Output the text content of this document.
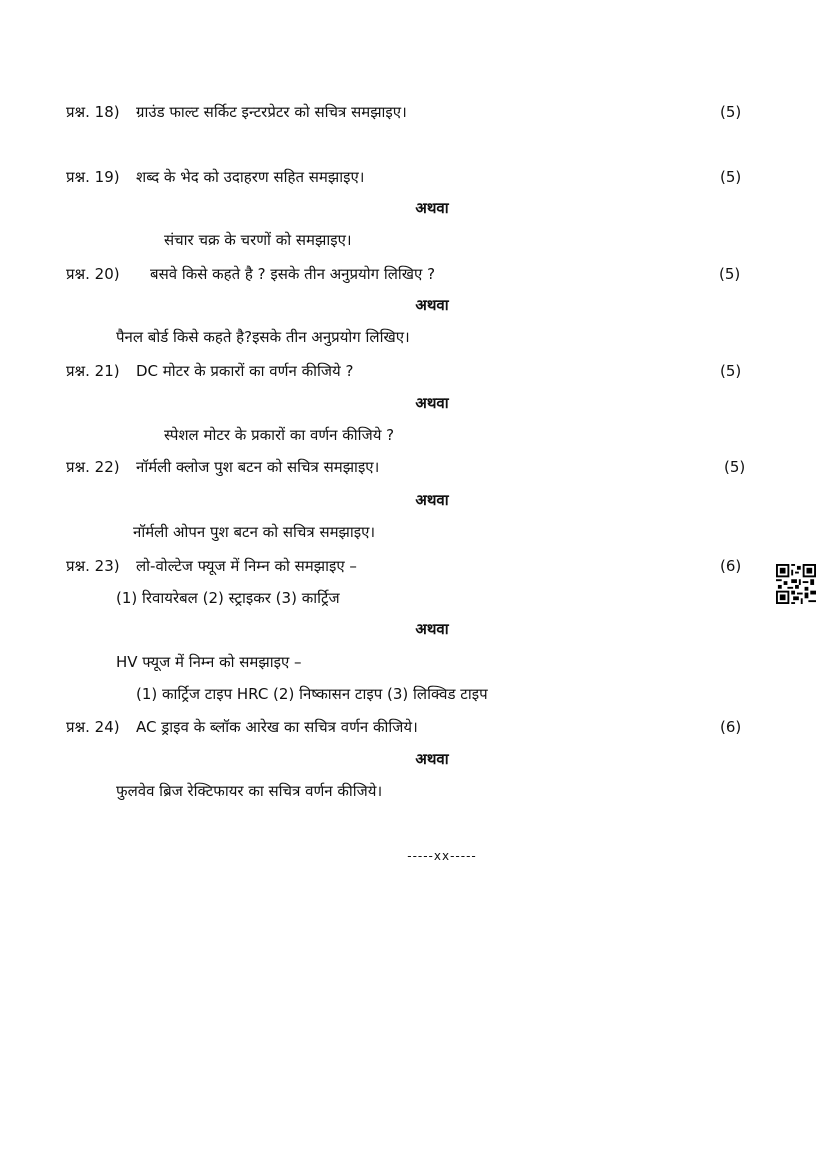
प्रश्न. 18) ग्राउंड फाल्ट सर्किट इन्टरप्रेटर को सचित्र समझाइए।	(5)
प्रश्न. 19) शब्द के भेद को उदाहरण सहित समझाइए।	(5)
अथवा
संचार चक्र के चरणों को समझाइए।
प्रश्न. 20) बसवे किसे कहते है ? इसके तीन अनुप्रयोग लिखिए ?	(5)
अथवा
पैनल बोर्ड किसे कहते है?इसके तीन अनुप्रयोग लिखिए।
प्रश्न. 21) DC मोटर के प्रकारों का वर्णन कीजिये ?	(5)
अथवा
स्पेशल मोटर के प्रकारों का वर्णन कीजिये ?
प्रश्न. 22) नॉर्मली क्लोज पुश बटन को सचित्र समझाइए।	(5)
अथवा
नॉर्मली ओपन पुश बटन को सचित्र समझाइए।
प्रश्न. 23) लो-वोल्टेज फ्यूज में निम्न को समझाइए –	(6)
(1) रिवायरेबल (2) स्ट्राइकर (3) कार्ट्रिज
अथवा
HV फ्यूज में निम्न को समझाइए –
(1) कार्ट्रिज टाइप HRC (2) निष्कासन टाइप (3) लिक्विड टाइप
प्रश्न. 24) AC ड्राइव के ब्लॉक आरेख का सचित्र वर्णन कीजिये।	(6)
अथवा
फुलवेव ब्रिज रेक्टिफायर का सचित्र वर्णन कीजिये।
-----xx-----
